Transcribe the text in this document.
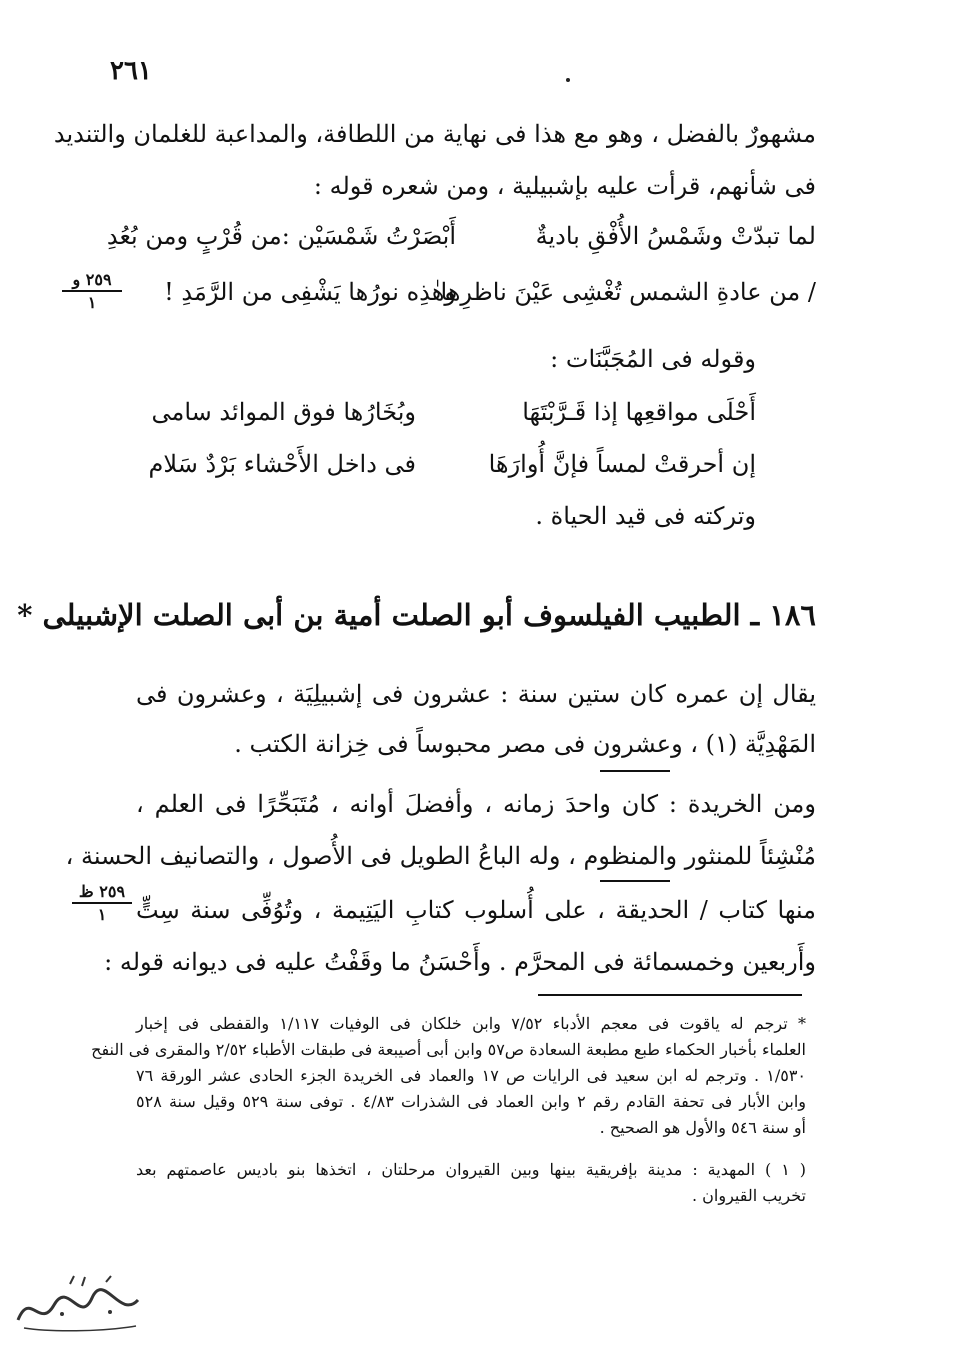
٢٦١
مشهورٌ بالفضل ، وهو مع هذا فى نهاية من اللطافة، والمداعبة للغلمان والتنديد
فى شأنهم، قرأت عليه بإشبيلية ، ومن شعره قوله :
لما تبدّتْ وشَمْسُ الأُفْقِ باديةٌ
أَبْصَرْتُ شَمْسَيْن :من قُرْبٍ ومن بُعُدِ
/ من عادةِ الشمس تُغْشِى عَيْنَ ناظرِها
وهٰذِه نورُها يَشْفِى من الرَّمَدِ !
٢٥٩ و
١
وقوله فى المُجَبَّنَات :
أَحْلَى مواقعِها إذا قَـرَّبْتَهَا
وبُخَارُها فوق الموائد سامى
إن أحرقتْ لمساً فإنَّ أُوارَهَا
فى داخل الأَحْشاء بَرْدٌ سَلام
وتركته فى قيد الحياة .
١٨٦ ـ الطبيب الفيلسوف أبو الصلت أمية بن أبى الصلت الإشبيلى *
يقال إن عمره كان ستين سنة : عشرون فى إشبيلِيَة ، وعشرون فى
المَهْدِيَّة (١) ، وعشرون فى مصر محبوساً فى خِزانة الكتب .
ومن الخريدة : كان واحدَ زمانه ، وأفضلَ أوانه ، مُتَبَحِّرًا فى العلم ،
مُنْشِئاً للمنثور والمنظوم ، وله الباعُ الطويل فى الأُصول ، والتصانيف الحسنة ،
منها كتاب / الحديقة ، على أُسلوب كتابِ اليَتِيمة ، وتُوُفِّى سنة سِتٍّ
وأَربعين وخمسمائة فى المحرَّم . وأَحْسَنُ ما وقَفْتُ عليه فى ديوانه قوله :
٢٥٩ ظ
١
* ترجم له ياقوت فى معجم الأدباء ٧/٥٢ وابن خلكان فى الوفيات ١/١١٧ والقفطى فى إخبار
العلماء بأخبار الحكماء طبع مطبعة السعادة ص٥٧ وابن أبى أصيبعة فى طبقات الأطباء ٢/٥٢ والمقرى فى النفح
١/٥٣٠ . وترجم له ابن سعيد فى الرايات ص ١٧ والعماد فى الخريدة الجزء الحادى عشر الورقة ٧٦
وابن الأبار فى تحفة القادم رقم ٢ وابن العماد فى الشذرات ٤/٨٣ . توفى سنة ٥٢٩ وقيل سنة ٥٢٨
أو سنة ٥٤٦ والأول هو الصحيح .
( ١ ) المهدية : مدينة بإفريقية بينها وبين القيروان مرحلتان ، اتخذها بنو باديس عاصمتهم بعد
تخريب القيروان .
